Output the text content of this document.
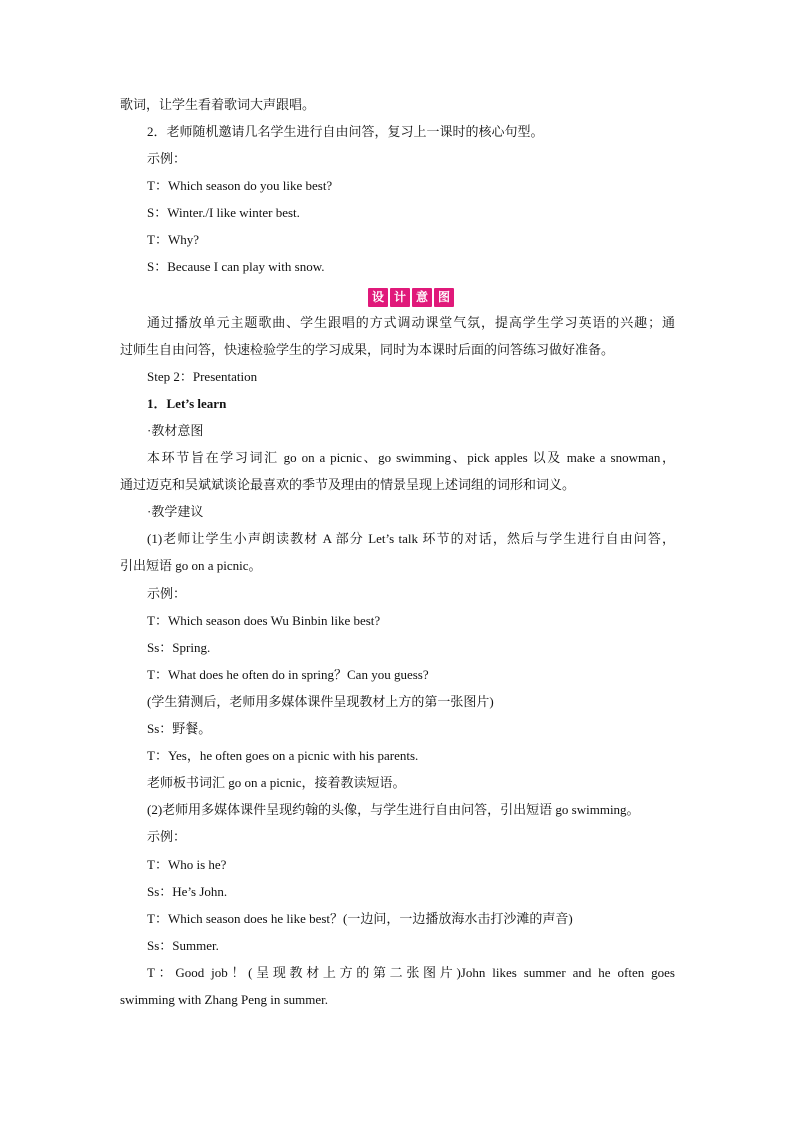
歌词，让学生看着歌词大声跟唱。
2．老师随机邀请几名学生进行自由问答，复习上一课时的核心句型。
示例：
T：Which season do you like best?
S：Winter./I like winter best.
T：Why?
S：Because I can play with snow.
设 计 意 图
通过播放单元主题歌曲、学生跟唱的方式调动课堂气氛，提高学生学习英语的兴趣；通
过师生自由问答，快速检验学生的学习成果，同时为本课时后面的问答练习做好准备。
Step 2：Presentation
1．Let’s learn
·教材意图
本环节旨在学习词汇 go on a picnic、go swimming、pick apples 以及 make a snowman，
通过迈克和吴斌斌谈论最喜欢的季节及理由的情景呈现上述词组的词形和词义。
·教学建议
(1)老师让学生小声朗读教材 A 部分 Let’s talk 环节的对话，然后与学生进行自由问答，
引出短语 go on a picnic。
示例：
T：Which season does Wu Binbin like best?
Ss：Spring.
T：What does he often do in spring？Can you guess?
(学生猜测后，老师用多媒体课件呈现教材上方的第一张图片)
Ss：野餐。
T：Yes，he often goes on a picnic with his parents.
老师板书词汇 go on a picnic，接着教读短语。
(2)老师用多媒体课件呈现约翰的头像，与学生进行自由问答，引出短语 go swimming。
示例：
T：Who is he?
Ss：He’s John.
T：Which season does he like best？(一边问，一边播放海水击打沙滩的声音)
Ss：Summer.
T：Good job！(呈现教材上方的第二张图片)John likes summer and he often goes
swimming with Zhang Peng in summer.
